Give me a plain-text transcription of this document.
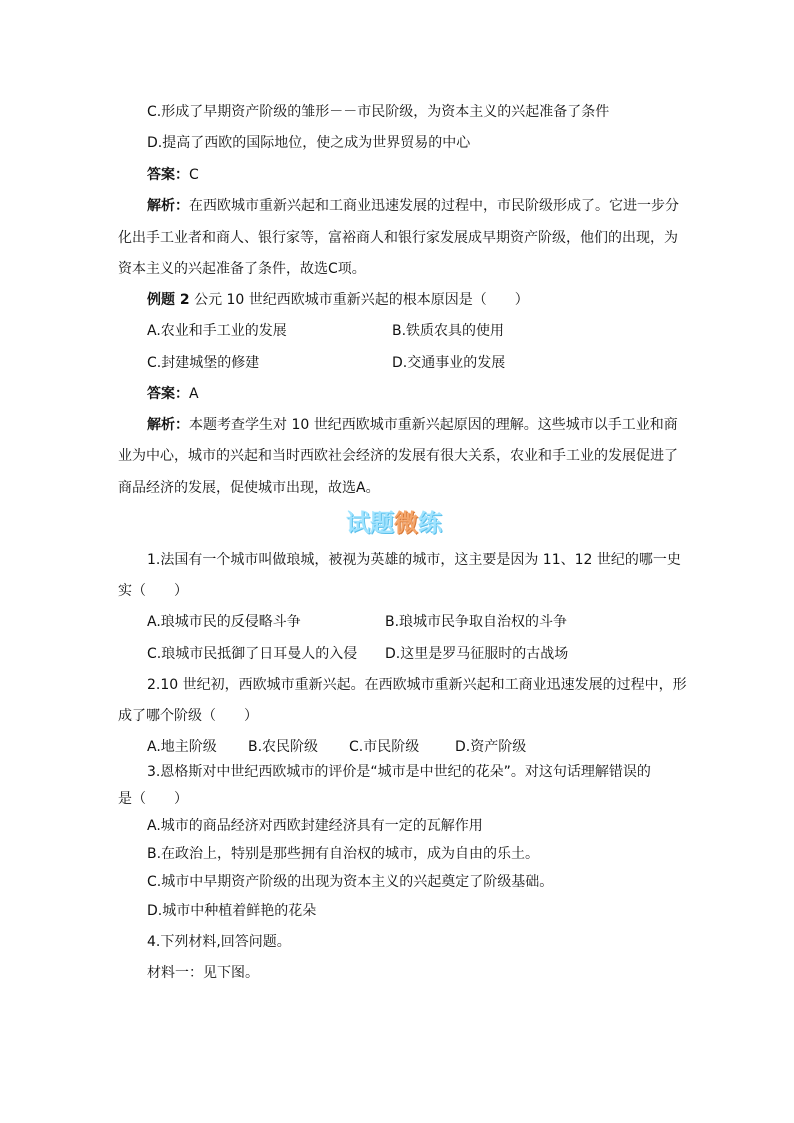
C.形成了早期资产阶级的雏形－－市民阶级，为资本主义的兴起准备了条件
D.提高了西欧的国际地位，使之成为世界贸易的中心
答案：C
解析：在西欧城市重新兴起和工商业迅速发展的过程中，市民阶级形成了。它进一步分
化出手工业者和商人、银行家等，富裕商人和银行家发展成早期资产阶级，他们的出现，为
资本主义的兴起准备了条件，故选C项。
例题 2 公元 10 世纪西欧城市重新兴起的根本原因是（　　）
A.农业和手工业的发展	B.铁质农具的使用
C.封建城堡的修建	D.交通事业的发展
答案：A
解析：本题考查学生对 10 世纪西欧城市重新兴起原因的理解。这些城市以手工业和商
业为中心，城市的兴起和当时西欧社会经济的发展有很大关系，农业和手工业的发展促进了
商品经济的发展，促使城市出现，故选A。
试题微练
1.法国有一个城市叫做琅城，被视为英雄的城市，这主要是因为 11、12 世纪的哪一史
实（　　）
A.琅城市民的反侵略斗争	B.琅城市民争取自治权的斗争
C.琅城市民抵御了日耳曼人的入侵 D.这里是罗马征服时的古战场
2.10 世纪初，西欧城市重新兴起。在西欧城市重新兴起和工商业迅速发展的过程中，形
成了哪个阶级（　　）
A.地主阶级 B.农民阶级 C.市民阶级	D.资产阶级
3.恩格斯对中世纪西欧城市的评价是“城市是中世纪的花朵”。对这句话理解错误的
是（　　）
A.城市的商品经济对西欧封建经济具有一定的瓦解作用
B.在政治上，特别是那些拥有自治权的城市，成为自由的乐土。
C.城市中早期资产阶级的出现为资本主义的兴起奠定了阶级基础。
D.城市中种植着鲜艳的花朵
4.下列材料,回答问题。
材料一：见下图。
